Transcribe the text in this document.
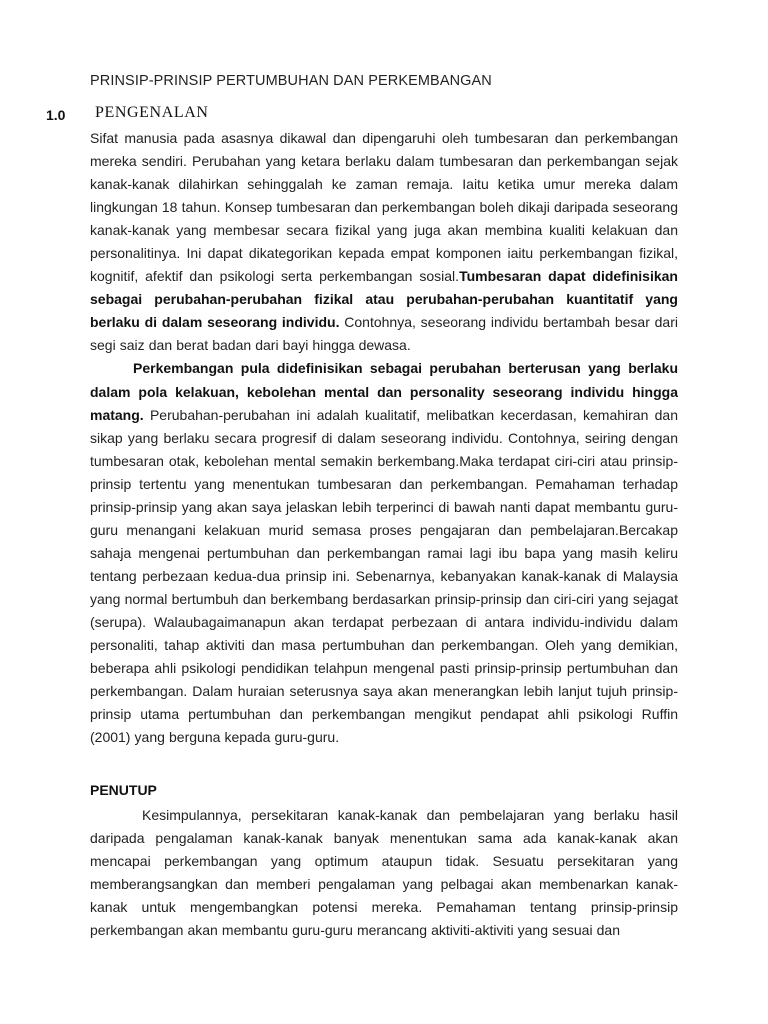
PRINSIP-PRINSIP PERTUMBUHAN DAN PERKEMBANGAN
1.0 PENGENALAN

Sifat manusia pada asasnya dikawal dan dipengaruhi oleh tumbesaran dan perkembangan mereka sendiri. Perubahan yang ketara berlaku dalam tumbesaran dan perkembangan sejak kanak-kanak dilahirkan sehinggalah ke zaman remaja. Iaitu ketika umur mereka dalam lingkungan 18 tahun. Konsep tumbesaran dan perkembangan boleh dikaji daripada seseorang kanak-kanak yang membesar secara fizikal yang juga akan membina kualiti kelakuan dan personalitinya. Ini dapat dikategorikan kepada empat komponen iaitu perkembangan fizikal, kognitif, afektif dan psikologi serta perkembangan sosial.Tumbesaran dapat didefinisikan sebagai perubahan-perubahan fizikal atau perubahan-perubahan kuantitatif yang berlaku di dalam seseorang individu. Contohnya, seseorang individu bertambah besar dari segi saiz dan berat badan dari bayi hingga dewasa.

Perkembangan pula didefinisikan sebagai perubahan berterusan yang berlaku dalam pola kelakuan, kebolehan mental dan personality seseorang individu hingga matang. Perubahan-perubahan ini adalah kualitatif, melibatkan kecerdasan, kemahiran dan sikap yang berlaku secara progresif di dalam seseorang individu. Contohnya, seiring dengan tumbesaran otak, kebolehan mental semakin berkembang.Maka terdapat ciri-ciri atau prinsip-prinsip tertentu yang menentukan tumbesaran dan perkembangan. Pemahaman terhadap prinsip-prinsip yang akan saya jelaskan lebih terperinci di bawah nanti dapat membantu guru-guru menangani kelakuan murid semasa proses pengajaran dan pembelajaran.Bercakap sahaja mengenai pertumbuhan dan perkembangan ramai lagi ibu bapa yang masih keliru tentang perbezaan kedua-dua prinsip ini. Sebenarnya, kebanyakan kanak-kanak di Malaysia yang normal bertumbuh dan berkembang berdasarkan prinsip-prinsip dan ciri-ciri yang sejagat (serupa). Walaubagaimanapun akan terdapat perbezaan di antara individu-individu dalam personaliti, tahap aktiviti dan masa pertumbuhan dan perkembangan. Oleh yang demikian, beberapa ahli psikologi pendidikan telahpun mengenal pasti prinsip-prinsip pertumbuhan dan perkembangan. Dalam huraian seterusnya saya akan menerangkan lebih lanjut tujuh prinsip-prinsip utama pertumbuhan dan perkembangan mengikut pendapat ahli psikologi Ruffin (2001) yang berguna kepada guru-guru.

PENUTUP

Kesimpulannya, persekitaran kanak-kanak dan pembelajaran yang berlaku hasil daripada pengalaman kanak-kanak banyak menentukan sama ada kanak-kanak akan mencapai perkembangan yang optimum ataupun tidak. Sesuatu persekitaran yang memberangsangkan dan memberi pengalaman yang pelbagai akan membenarkan kanak-kanak untuk mengembangkan potensi mereka. Pemahaman tentang prinsip-prinsip perkembangan akan membantu guru-guru merancang aktiviti-aktiviti yang sesuai dan
